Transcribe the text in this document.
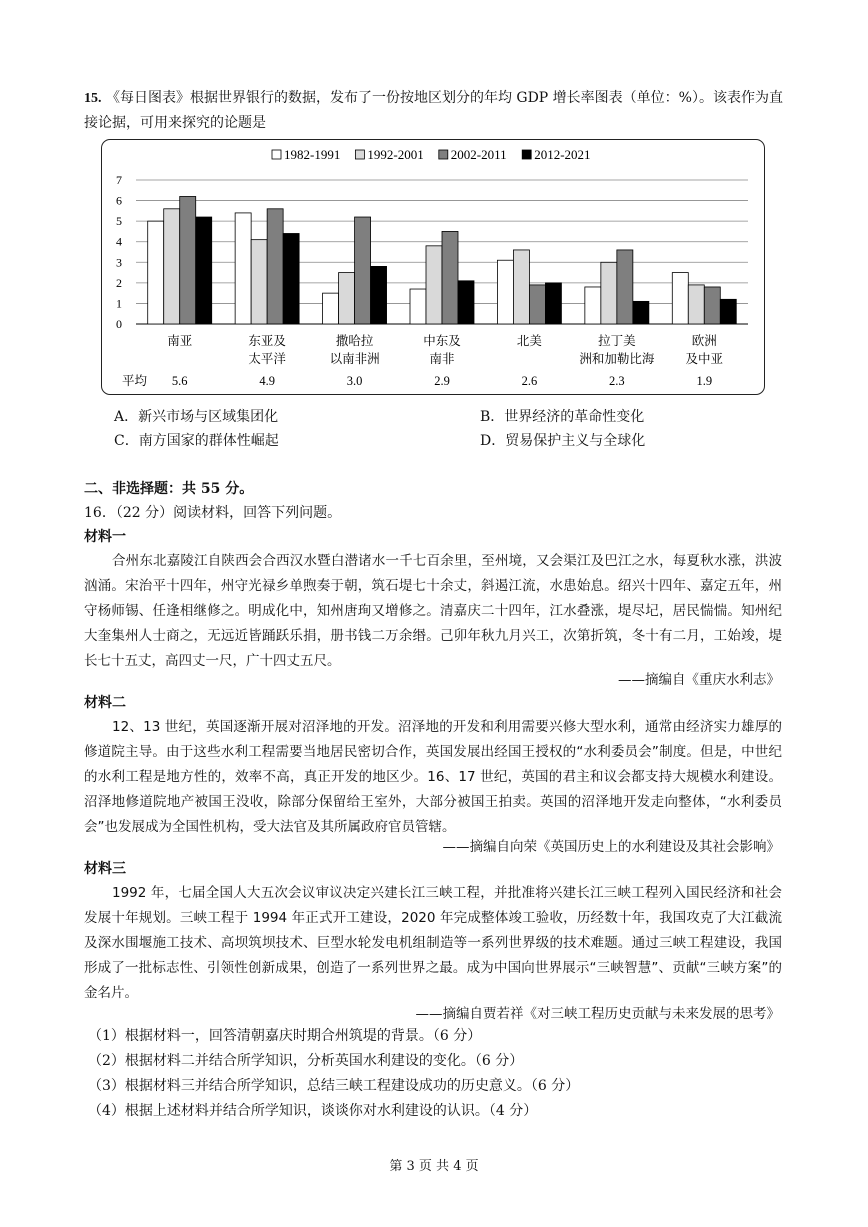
15. 《每日图表》根据世界银行的数据，发布了一份按地区划分的年均 GDP 增长率图表（单位：%）。该表作为直接论据，可用来探究的论题是
1982-1991 1992-2001 2002-2011 2012-2021
0
1
2
3
4
5
6
7
南亚
5.6
东亚及
太平洋
4.9
撒哈拉
以南非洲
3.0
中东及
南非
2.9
北美
2.6
拉丁美
洲和加勒比海
2.3
欧洲
及中亚
1.9
平均
A．新兴市场与区域集团化	B．世界经济的革命性变化
C．南方国家的群体性崛起	D．贸易保护主义与全球化
二、非选择题：共 55 分。
16．（22 分）阅读材料，回答下列问题。
材料一

合州东北嘉陵江自陕西会合西汉水暨白潜诸水一千七百余里，至州境，又会渠江及巴江之水，每夏秋水涨，洪波汹涌。宋治平十四年，州守光禄乡单煦奏于朝，筑石堤七十余丈，斜遏江流，水患始息。绍兴十四年、嘉定五年，州守杨师锡、任逢相继修之。明成化中，知州唐珣又增修之。清嘉庆二十四年，江水叠涨，堤尽圮，居民惴惴。知州纪大奎集州人士商之，无远近皆踊跃乐捐，册书钱二万余缗。己卯年秋九月兴工，次第折筑，冬十有二月，工始竣，堤长七十五丈，高四丈一尺，广十四丈五尺。

——摘编自《重庆水利志》
材料二

12、13 世纪，英国逐渐开展对沼泽地的开发。沼泽地的开发和利用需要兴修大型水利，通常由经济实力雄厚的修道院主导。由于这些水利工程需要当地居民密切合作，英国发展出经国王授权的“水利委员会”制度。但是，中世纪的水利工程是地方性的，效率不高，真正开发的地区少。16、17 世纪，英国的君主和议会都支持大规模水利建设。沼泽地修道院地产被国王没收，除部分保留给王室外，大部分被国王拍卖。英国的沼泽地开发走向整体，“水利委员会”也发展成为全国性机构，受大法官及其所属政府官员管辖。

——摘编自向荣《英国历史上的水利建设及其社会影响》
材料三

1992 年，七届全国人大五次会议审议决定兴建长江三峡工程，并批准将兴建长江三峡工程列入国民经济和社会发展十年规划。三峡工程于 1994 年正式开工建设，2020 年完成整体竣工验收，历经数十年，我国攻克了大江截流及深水围堰施工技术、高坝筑坝技术、巨型水轮发电机组制造等一系列世界级的技术难题。通过三峡工程建设，我国形成了一批标志性、引领性创新成果，创造了一系列世界之最。成为中国向世界展示“三峡智慧”、贡献“三峡方案”的金名片。

——摘编自贾若祥《对三峡工程历史贡献与未来发展的思考》
（1）根据材料一，回答清朝嘉庆时期合州筑堤的背景。（6 分）
（2）根据材料二并结合所学知识，分析英国水利建设的变化。（6 分）
（3）根据材料三并结合所学知识，总结三峡工程建设成功的历史意义。（6 分）
（4）根据上述材料并结合所学知识，谈谈你对水利建设的认识。（4 分）
第 3 页 共 4 页
